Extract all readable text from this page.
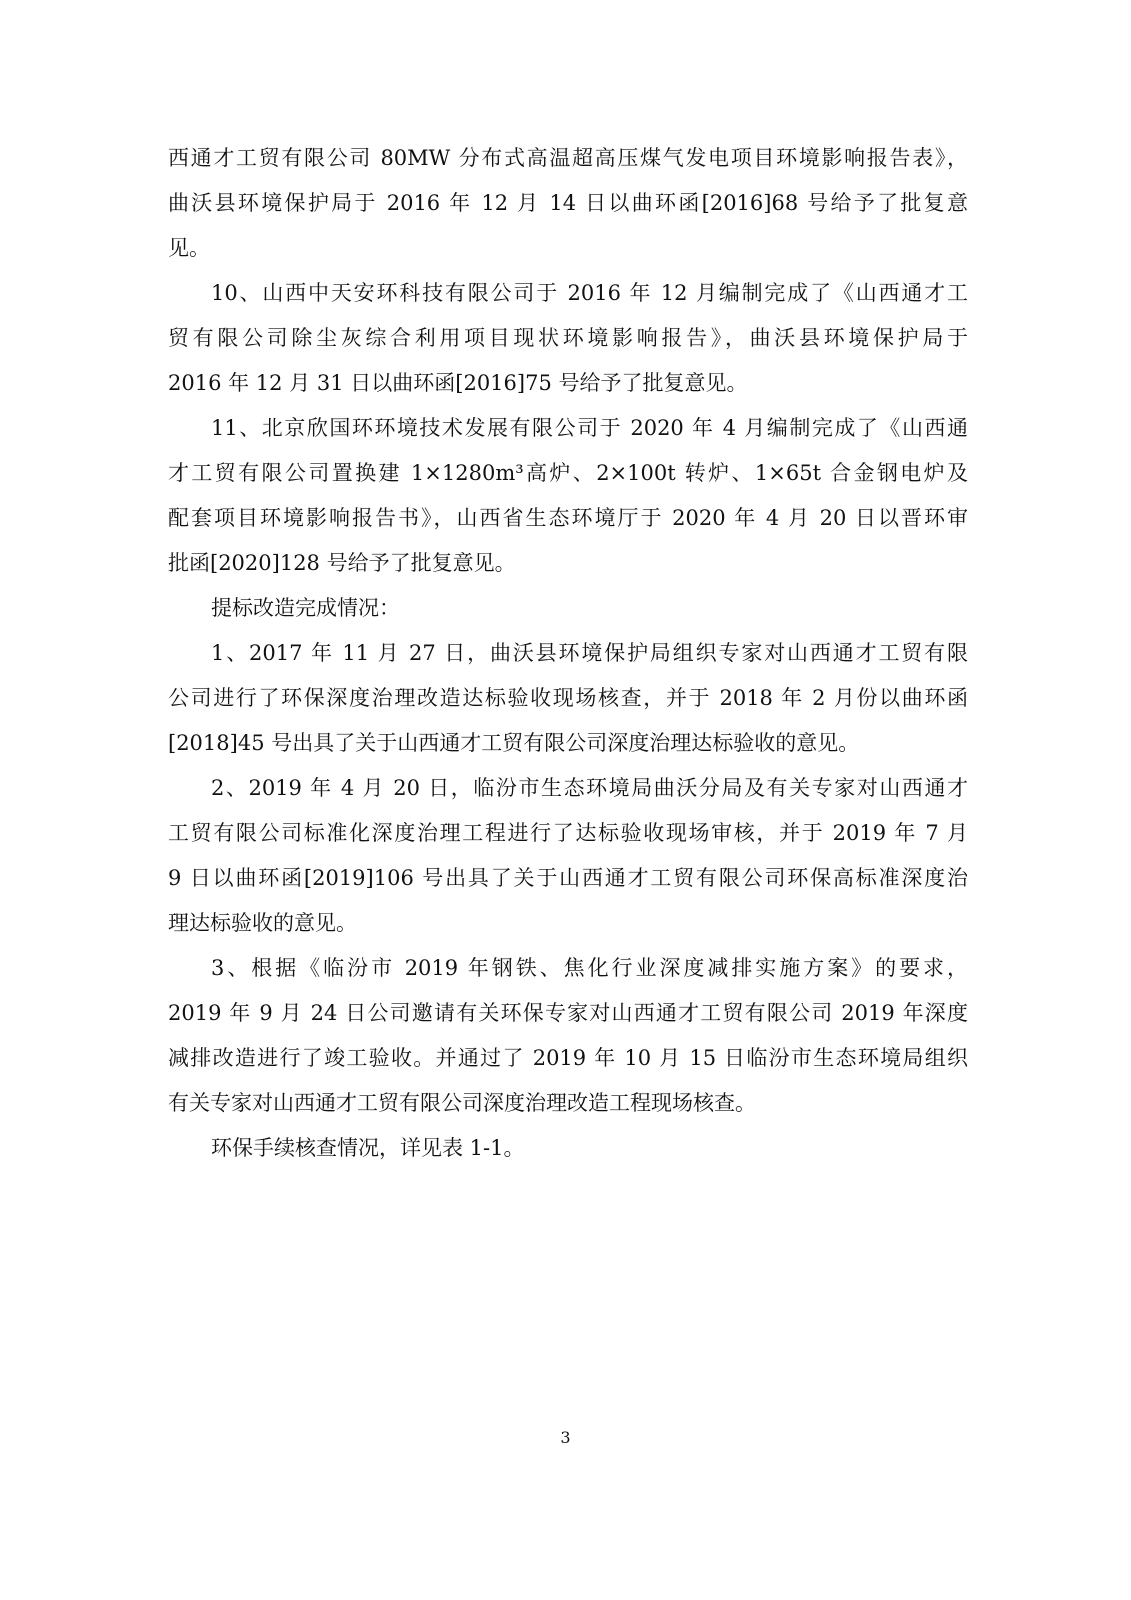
西通才工贸有限公司 80MW 分布式高温超高压煤气发电项目环境影响报告表》，

曲沃县环境保护局于 2016 年 12 月 14 日以曲环函[2016]68 号给予了批复意

见。

10、山西中天安环科技有限公司于 2016 年 12 月编制完成了《山西通才工

贸有限公司除尘灰综合利用项目现状环境影响报告》，曲沃县环境保护局于

2016 年 12 月 31 日以曲环函[2016]75 号给予了批复意见。

11、北京欣国环环境技术发展有限公司于 2020 年 4 月编制完成了《山西通

才工贸有限公司置换建 1×1280m³高炉、2×100t 转炉、1×65t 合金钢电炉及

配套项目环境影响报告书》，山西省生态环境厅于 2020 年 4 月 20 日以晋环审

批函[2020]128 号给予了批复意见。

提标改造完成情况：

1、2017 年 11 月 27 日，曲沃县环境保护局组织专家对山西通才工贸有限

公司进行了环保深度治理改造达标验收现场核查，并于 2018 年 2 月份以曲环函

[2018]45 号出具了关于山西通才工贸有限公司深度治理达标验收的意见。

2、2019 年 4 月 20 日，临汾市生态环境局曲沃分局及有关专家对山西通才

工贸有限公司标准化深度治理工程进行了达标验收现场审核，并于 2019 年 7 月

9 日以曲环函[2019]106 号出具了关于山西通才工贸有限公司环保高标准深度治

理达标验收的意见。

3、根据《临汾市 2019 年钢铁、焦化行业深度减排实施方案》的要求，

2019 年 9 月 24 日公司邀请有关环保专家对山西通才工贸有限公司 2019 年深度

减排改造进行了竣工验收。并通过了 2019 年 10 月 15 日临汾市生态环境局组织

有关专家对山西通才工贸有限公司深度治理改造工程现场核查。

环保手续核查情况，详见表 1-1。

3
